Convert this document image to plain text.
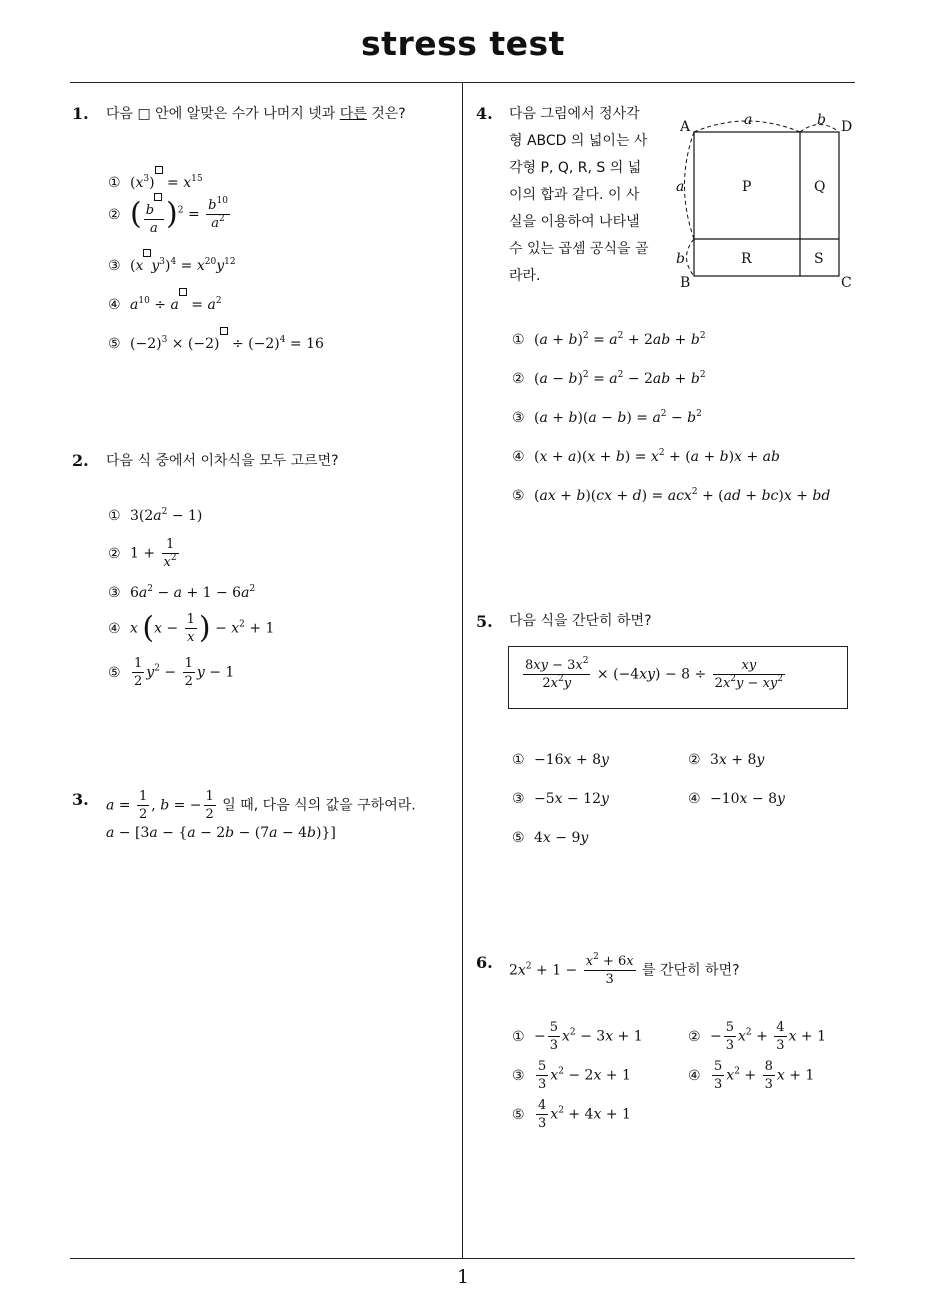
stress test
1
1. 다음 □ 안에 알맞은 수가 나머지 넷과 다른 것은?
① $(x^3) = x^{15}$
② ( $\frac{b}{a} )^2 = \frac{b^{10}}{a^2}$
③ (x $y^3)^4 = x^{20}y^{12}$
④ $a^{10} \div a = a^2$
⑤ $(-2)^3 \times (-2) \div (-2)^4 = 16$
2. 다음 식 중에서 이차식을 모두 고르면?
① $3(2a^2 - 1)$
② $1 + \frac{1}{x^2}$
③ $6a^2 - a + 1 - 6a^2$
④ x ($x - \frac{1}{x}$ ) − $x^2 + 1$
⑤ $\frac{1}{2} y^2 - \frac{1}{2}$ y − 1
3. $a = \frac{1}{2}$ , b = − $\frac{1}{2}$ 일 때, 다음 식의 값을 구하여라.
a − [3a − {a − 2b − (7a − 4b)}]
4. 다음 그림에서 정사각
형 ABCD 의 넓이는 사
각형 P, Q, R, S 의 넓
이의 합과 같다. 이 사
실을 이용하여 나타낼
수 있는 곱셈 공식을 골
라라.
A
B	C
D
P	Q
R	S
a	b
a
b
① $(a + b)^2 = a^2 + 2ab + b^2$
② $(a - b)^2 = a^2 - 2ab + b^2$
③ $(a + b)(a - b) = a^2 - b^2$
④ $(x + a)(x + b) = x^2 + (a + b)x$ + ab
⑤ (ax + b)(cx + d) = acx$^2$ + (ad + bc)x + bd
5. 다음 식을 간단히 하면?
$\frac{8xy - 3x^2}{2x^2y} \times (-4xy) - 8 \div \frac{xy}{2x^2y - xy^2}$
① −16x + 8y	② 3x + 8y
③ −5x − 12y	④ −10x − 8y
⑤ 4x − 9y
6. $2x^2 + 1 - \frac{x^2 + 6x}{3}$ 를 간단히 하면?
① − $\frac{5}{3} x^2 - 3x + 1$	② − $\frac{5}{3} x^2 + \frac{4}{3}$ x + 1
③ $\frac{5}{3} x^2 - 2x + 1$	④ $\frac{5}{3} x^2 + \frac{8}{3}$ x + 1
⑤ $\frac{4}{3} x^2 + 4x + 1$
